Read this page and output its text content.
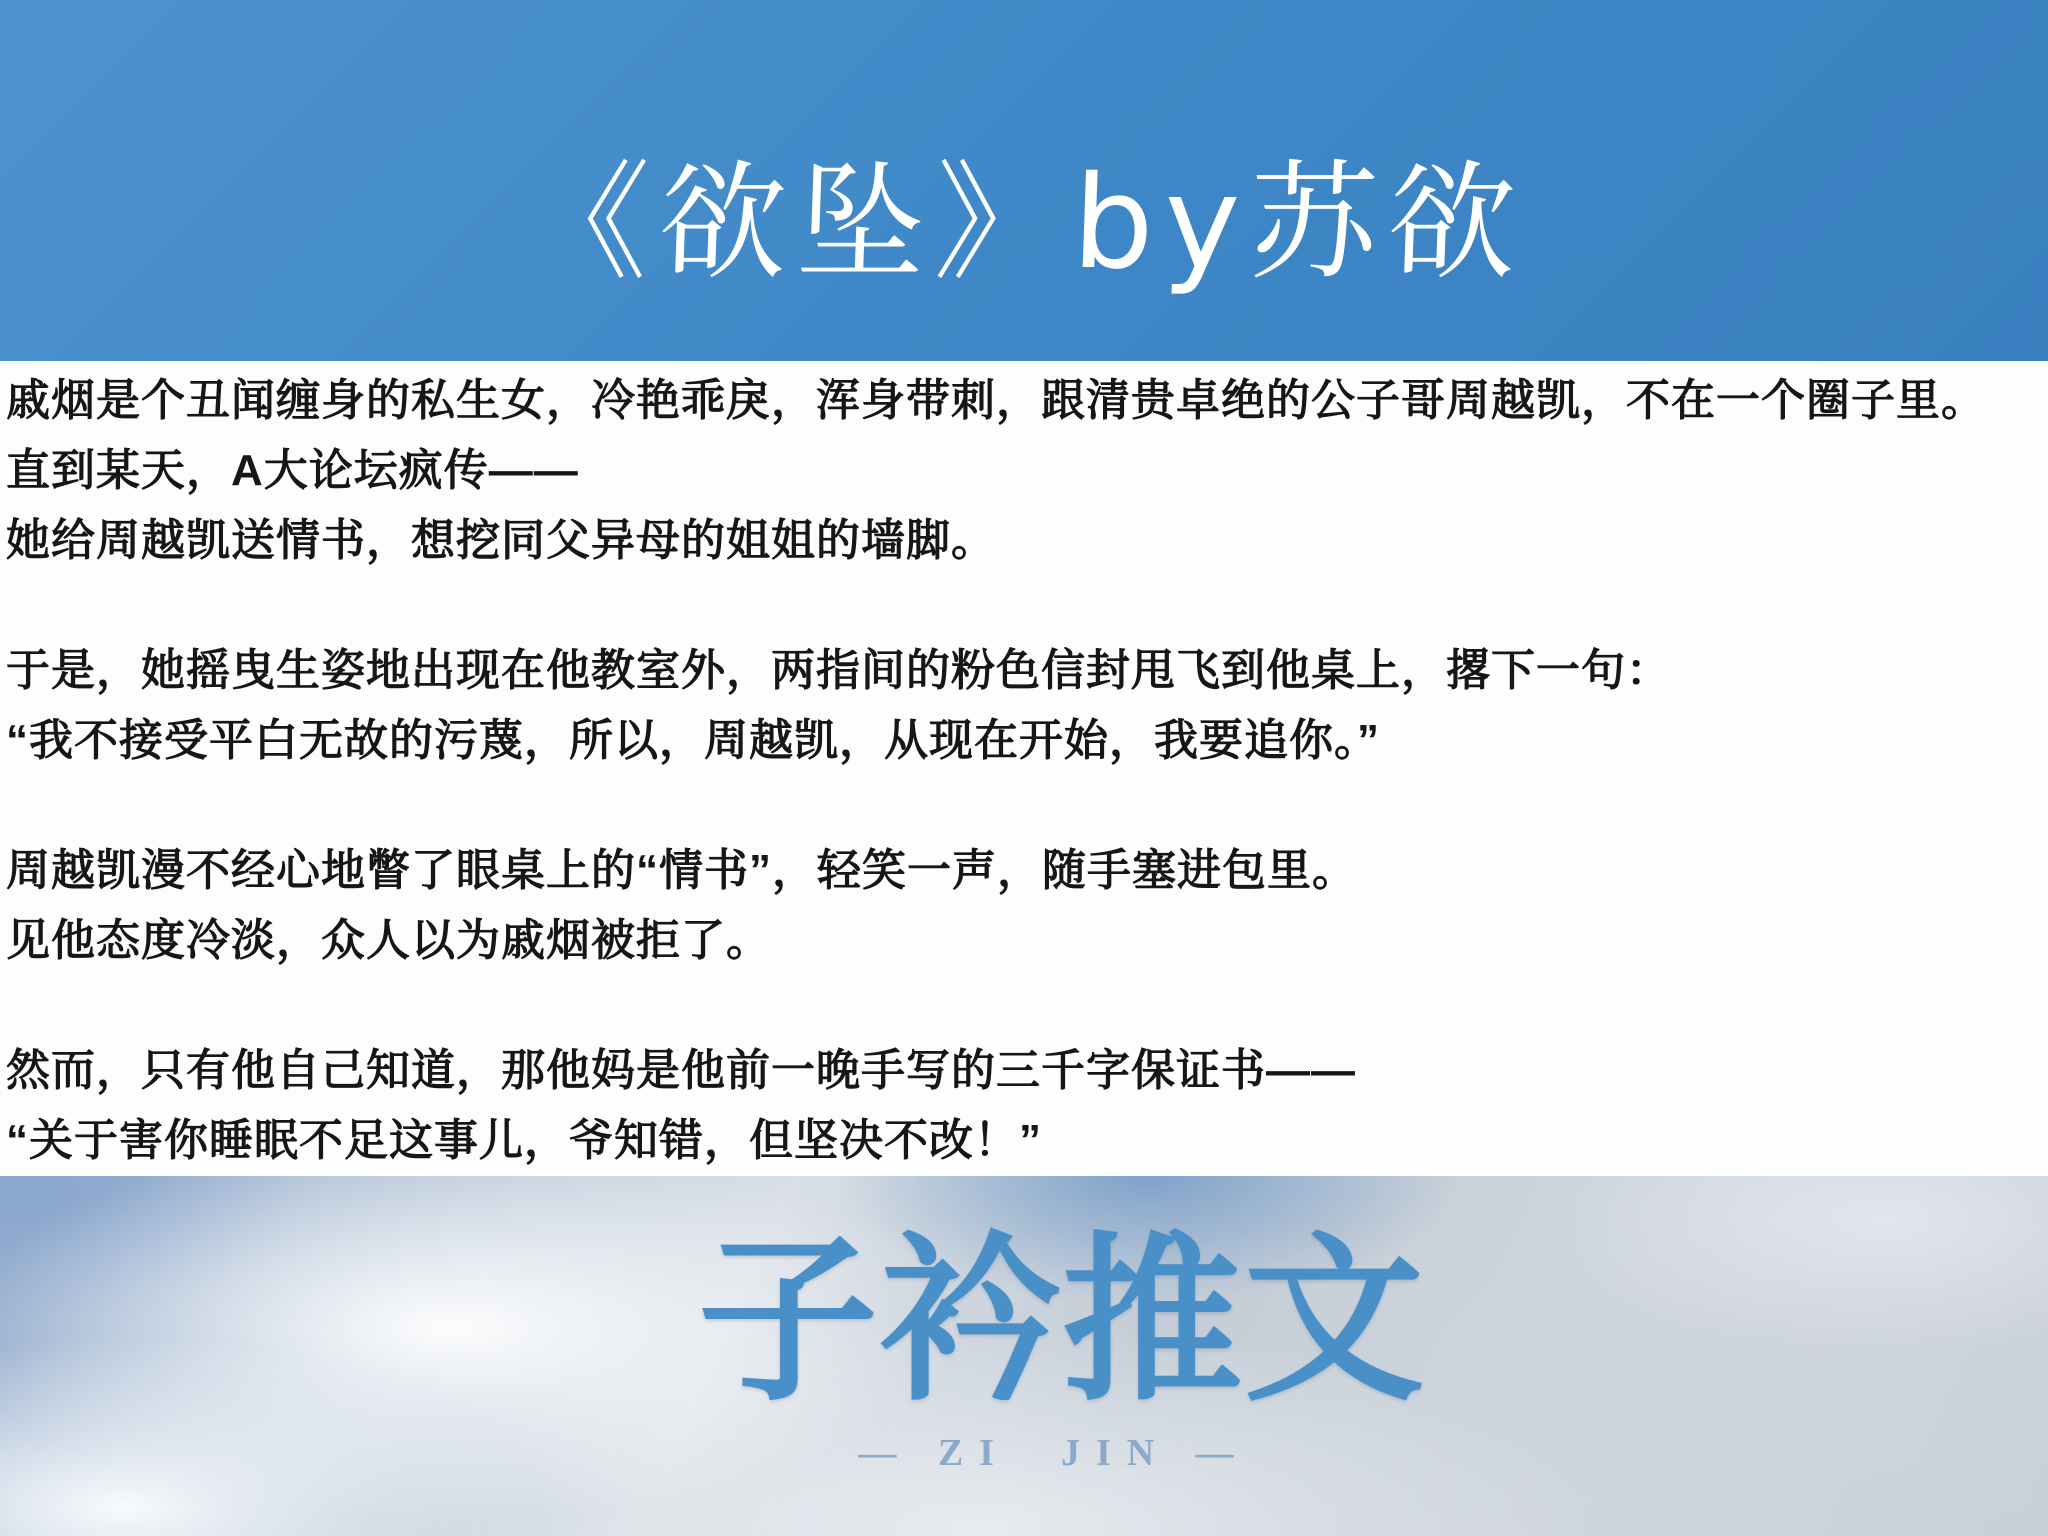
《欲坠》by苏欲
戚烟是个丑闻缠身的私生女，冷艳乖戾，浑身带刺，跟清贵卓绝的公子哥周越凯，不在一个圈子里。
直到某天，A大论坛疯传——
她给周越凯送情书，想挖同父异母的姐姐的墙脚。
于是，她摇曳生姿地出现在他教室外，两指间的粉色信封甩飞到他桌上，撂下一句：
“我不接受平白无故的污蔑，所以，周越凯，从现在开始，我要追你。”
周越凯漫不经心地瞥了眼桌上的“情书”，轻笑一声，随手塞进包里。
见他态度冷淡，众人以为戚烟被拒了。
然而，只有他自己知道，那他妈是他前一晚手写的三千字保证书——
“关于害你睡眠不足这事儿，爷知错，但坚决不改！”
子衿推文
— ZI  JIN —
